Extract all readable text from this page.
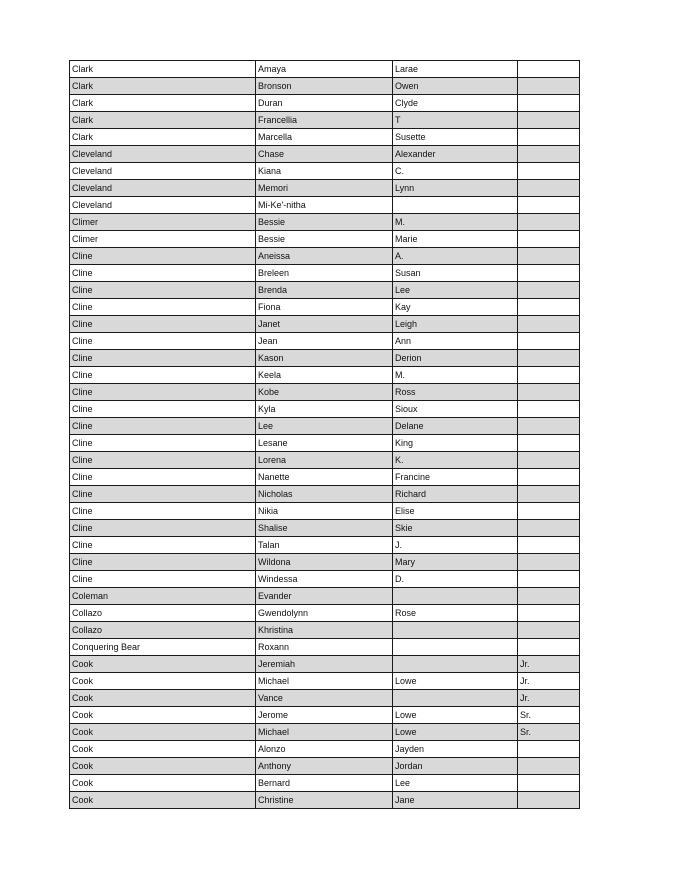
Clark	Amaya	Larae	
Clark	Bronson	Owen	
Clark	Duran	Clyde	
Clark	Francellia	T	
Clark	Marcella	Susette	
Cleveland	Chase	Alexander	
Cleveland	Kiana	C.	
Cleveland	Memori	Lynn	
Cleveland	Mi-Ke'-nitha		
Climer	Bessie	M.	
Climer	Bessie	Marie	
Cline	Aneissa	A.	
Cline	Breleen	Susan	
Cline	Brenda	Lee	
Cline	Fiona	Kay	
Cline	Janet	Leigh	
Cline	Jean	Ann	
Cline	Kason	Derion	
Cline	Keela	M.	
Cline	Kobe	Ross	
Cline	Kyla	Sioux	
Cline	Lee	Delane	
Cline	Lesane	King	
Cline	Lorena	K.	
Cline	Nanette	Francine	
Cline	Nicholas	Richard	
Cline	Nikia	Elise	
Cline	Shalise	Skie	
Cline	Talan	J.	
Cline	Wildona	Mary	
Cline	Windessa	D.	
Coleman	Evander		
Collazo	Gwendolynn	Rose	
Collazo	Khristina		
Conquering Bear	Roxann		
Cook	Jeremiah		Jr.
Cook	Michael	Lowe	Jr.
Cook	Vance		Jr.
Cook	Jerome	Lowe	Sr.
Cook	Michael	Lowe	Sr.
Cook	Alonzo	Jayden	
Cook	Anthony	Jordan	
Cook	Bernard	Lee	
Cook	Christine	Jane	
